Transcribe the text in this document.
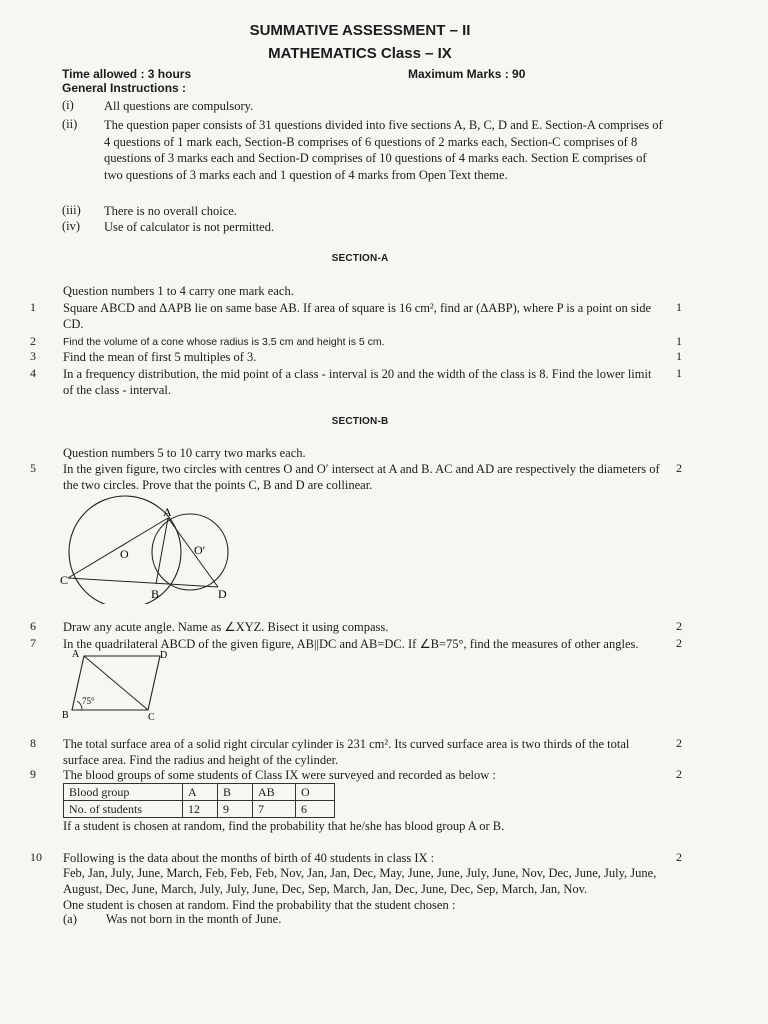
SUMMATIVE ASSESSMENT – II
MATHEMATICS Class – IX
Time allowed : 3 hours	Maximum Marks : 90
General Instructions :
(i) All questions are compulsory.
(ii) The question paper consists of 31 questions divided into five sections A, B, C, D and E. Section-A comprises of 4 questions of 1 mark each, Section-B comprises of 6 questions of 2 marks each, Section-C comprises of 8 questions of 3 marks each and Section-D comprises of 10 questions of 4 marks each. Section E comprises of two questions of 3 marks each and 1 question of 4 marks from Open Text theme.
(iii) There is no overall choice.
(iv) Use of calculator is not permitted.
SECTION-A
Question numbers 1 to 4 carry one mark each.
1 Square ABCD and ΔAPB lie on same base AB. If area of square is 16 cm², find ar (ΔABP), where P is a point on side CD.
1
2	Find the volume of a cone whose radius is 3.5 cm and height is 5 cm.	1
3 Find the mean of first 5 multiples of 3.	1
4 In a frequency distribution, the mid point of a class - interval is 20 and the width of the class is 8. Find the lower limit of the class - interval.
1
SECTION-B
Question numbers 5 to 10 carry two marks each.
5 In the given figure, two circles with centres O and O′ intersect at A and B. AC and AD are respectively the diameters of the two circles. Prove that the points C, B and D are collinear.
2
A
O	O′
C
B	D
6 Draw any acute angle. Name as ∠XYZ. Bisect it using compass.	2
7 In the quadrilateral ABCD of the given figure, AB||DC and AB=DC. If ∠B=75°, find the measures of other angles.	2
A	D
B	C
75°
8 The total surface area of a solid right circular cylinder is 231 cm². Its curved surface area is two thirds of the total surface area. Find the radius and height of the cylinder.
2
9 The blood groups of some students of Class IX were surveyed and recorded as below :	2
Blood group	A	B	AB	O
No. of students	12	9	7	6
If a student is chosen at random, find the probability that he/she has blood group A or B.
10 Following is the data about the months of birth of 40 students in class IX :	2
Feb, Jan, July, June, March, Feb, Feb, Feb, Nov, Jan, Jan, Dec, May, June, June, July, June, Nov, Dec, June, July, June, August, Dec, June, March, July, July, June, Dec, Sep, March, Jan, Dec, June, Dec, Sep, March, Jan, Nov.
One student is chosen at random. Find the probability that the student chosen :
(a) Was not born in the month of June.
